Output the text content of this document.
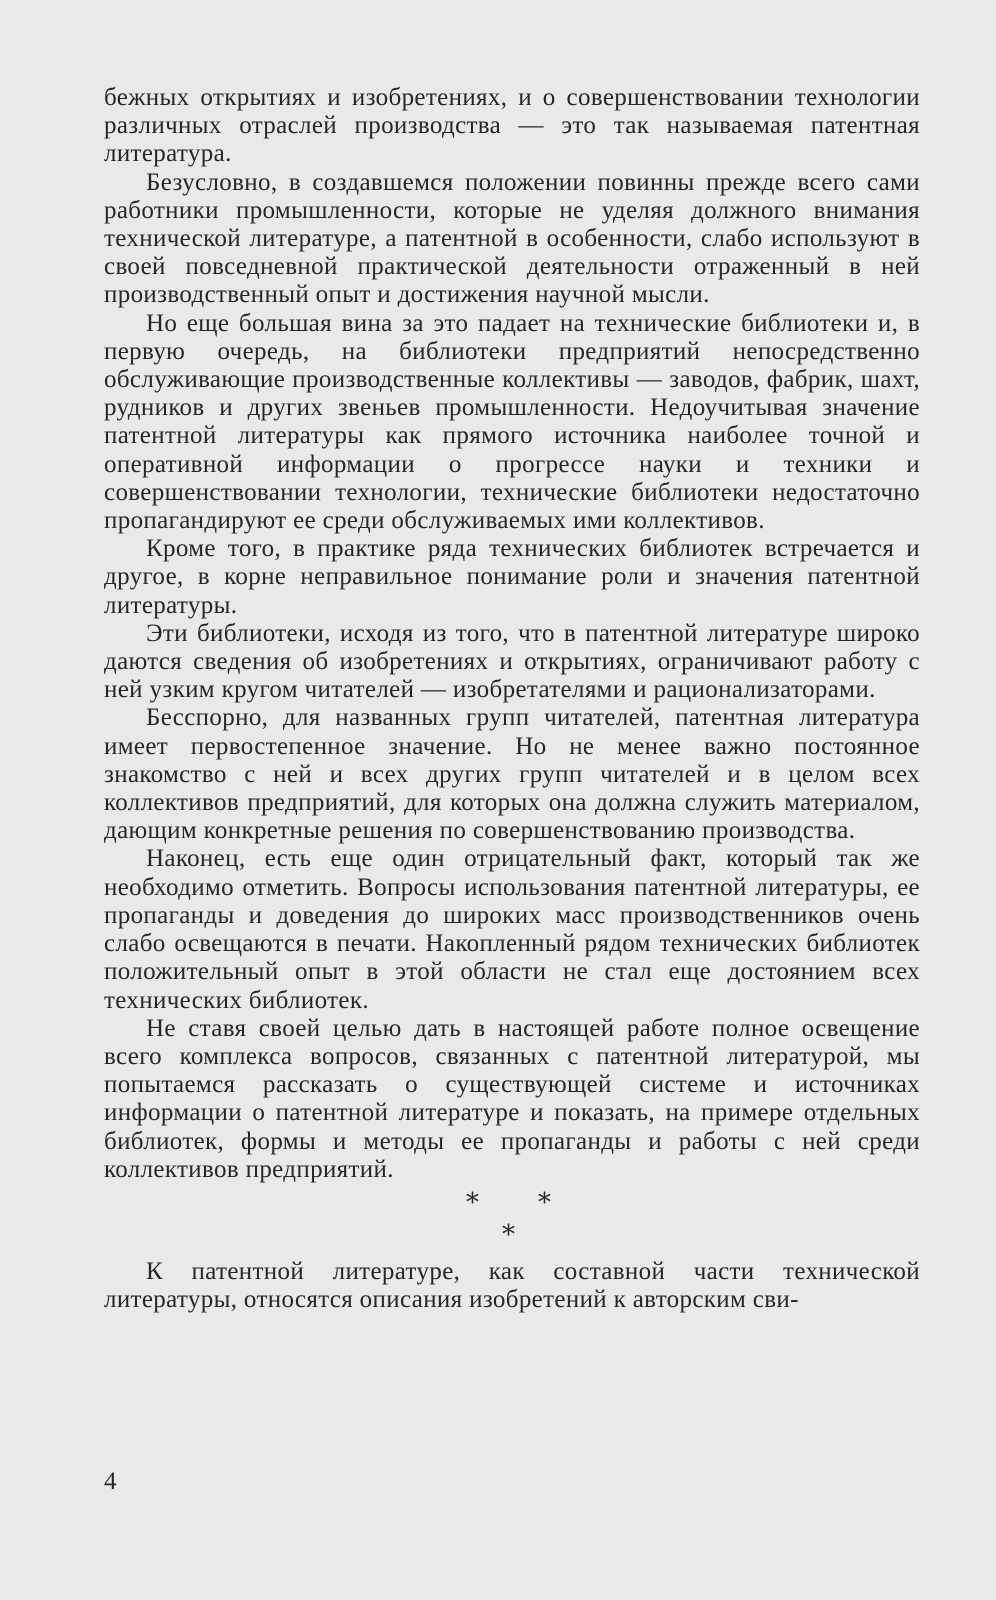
бежных открытиях и изобретениях, и о совершенствовании технологии различных отраслей производства — это так называемая патентная литература.

Безусловно, в создавшемся положении повинны прежде всего сами работники промышленности, которые не уделяя должного внимания технической литературе, а патентной в особенности, слабо используют в своей повседневной практической деятельности отраженный в ней производственный опыт и достижения научной мысли.

Но еще большая вина за это падает на технические библиотеки и, в первую очередь, на библиотеки предприятий непосредственно обслуживающие производственные коллективы — заводов, фабрик, шахт, рудников и других звеньев промышленности. Недоучитывая значение патентной литературы как прямого источника наиболее точной и оперативной информации о прогрессе науки и техники и совершенствовании технологии, технические библиотеки недостаточно пропагандируют ее среди обслуживаемых ими коллективов.

Кроме того, в практике ряда технических библиотек встречается и другое, в корне неправильное понимание роли и значения патентной литературы.

Эти библиотеки, исходя из того, что в патентной литературе широко даются сведения об изобретениях и открытиях, ограничивают работу с ней узким кругом читателей — изобретателями и рационализаторами.

Бесспорно, для названных групп читателей, патентная литература имеет первостепенное значение. Но не менее важно постоянное знакомство с ней и всех других групп читателей и в целом всех коллективов предприятий, для которых она должна служить материалом, дающим конкретные решения по совершенствованию производства.

Наконец, есть еще один отрицательный факт, который так же необходимо отметить. Вопросы использования патентной литературы, ее пропаганды и доведения до широких масс производственников очень слабо освещаются в печати. Накопленный рядом технических библиотек положительный опыт в этой области не стал еще достоянием всех технических библиотек.

Не ставя своей целью дать в настоящей работе полное освещение всего комплекса вопросов, связанных с патентной литературой, мы попытаемся рассказать о существующей системе и источниках информации о патентной литературе и показать, на примере отдельных библиотек, формы и методы ее пропаганды и работы с ней среди коллективов предприятий.

* *
*

К патентной литературе, как составной части технической литературы, относятся описания изобретений к авторским сви-

4
